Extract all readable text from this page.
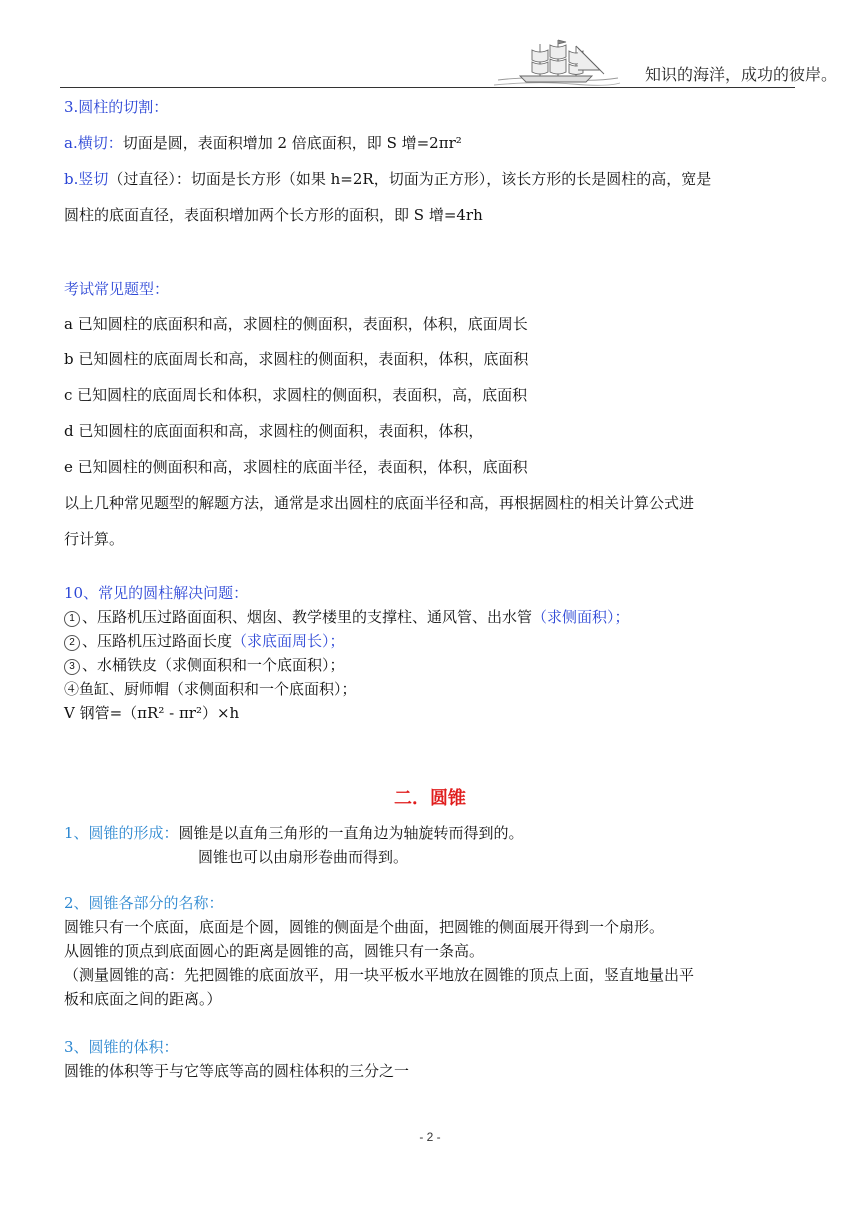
知识的海洋，成功的彼岸。
3.圆柱的切割：
a.横切：切面是圆，表面积增加 2 倍底面积，即 S 增=2πr²
b.竖切（过直径）：切面是长方形（如果 h=2R，切面为正方形），该长方形的长是圆柱的高，宽是
圆柱的底面直径，表面积增加两个长方形的面积，即 S 增=4rh
考试常见题型：
a 已知圆柱的底面积和高，求圆柱的侧面积，表面积，体积，底面周长
b 已知圆柱的底面周长和高，求圆柱的侧面积，表面积，体积，底面积
c 已知圆柱的底面周长和体积，求圆柱的侧面积，表面积，高，底面积
d 已知圆柱的底面面积和高，求圆柱的侧面积，表面积，体积，
e 已知圆柱的侧面积和高，求圆柱的底面半径，表面积，体积，底面积
以上几种常见题型的解题方法，通常是求出圆柱的底面半径和高，再根据圆柱的相关计算公式进
行计算。
10、常见的圆柱解决问题：
1 、压路机压过路面面积、烟囱、教学楼里的支撑柱、通风管、出水管（求侧面积）；
2 、压路机压过路面长度（求底面周长）；
3 、水桶铁皮（求侧面积和一个底面积）；
④鱼缸、厨师帽（求侧面积和一个底面积）；
V 钢管=（πR² - πr²）×h
二．圆锥
1、圆锥的形成：圆锥是以直角三角形的一直角边为轴旋转而得到的。
圆锥也可以由扇形卷曲而得到。
2、圆锥各部分的名称：
圆锥只有一个底面，底面是个圆，圆锥的侧面是个曲面，把圆锥的侧面展开得到一个扇形。
从圆锥的顶点到底面圆心的距离是圆锥的高，圆锥只有一条高。
（测量圆锥的高：先把圆锥的底面放平，用一块平板水平地放在圆锥的顶点上面，竖直地量出平
板和底面之间的距离。）
3、圆锥的体积：
圆锥的体积等于与它等底等高的圆柱体积的三分之一
- 2 -
